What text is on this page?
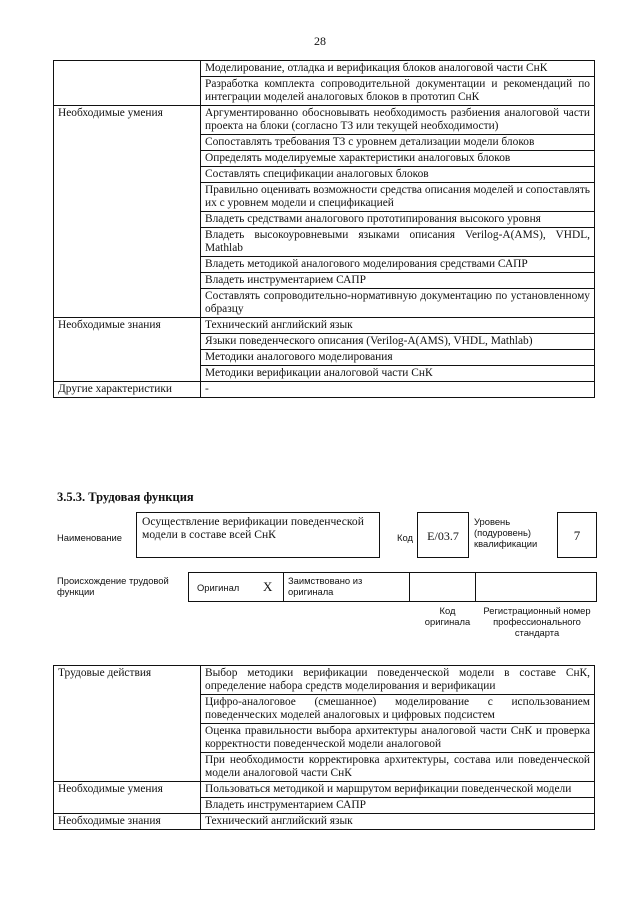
28
	Моделирование, отладка и верификация блоков аналоговой части СнК
	Разработка комплекта сопроводительной документации и рекомендаций по интеграции моделей аналоговых блоков в прототип СнК
Необходимые умения	Аргументированно обосновывать необходимость разбиения аналоговой части проекта на блоки (согласно ТЗ или текущей необходимости)
	Сопоставлять требования ТЗ с уровнем детализации модели блоков
	Определять моделируемые характеристики аналоговых блоков
	Составлять спецификации аналоговых блоков
	Правильно оценивать возможности средства описания моделей и сопоставлять их с уровнем модели и спецификацией
	Владеть средствами аналогового прототипирования высокого уровня
	Владеть высокоуровневыми языками описания Verilog-A(AMS), VHDL, Mathlab
	Владеть методикой аналогового моделирования средствами САПР
	Владеть инструментарием САПР
	Составлять сопроводительно-нормативную документацию по установленному образцу
Необходимые знания	Технический английский язык
	Языки поведенческого описания (Verilog-A(AMS), VHDL, Mathlab)
	Методики аналогового моделирования
	Методики верификации аналоговой части СнК
Другие характеристики	-
3.5.3. Трудовая функция
Наименование
Осуществление верификации поведенческой модели в составе всей СнК	Код	E/03.7
Уровень (подуровень) квалификации
7
Происхождение трудовой функции	Оригинал X Заимствовано из оригинала
Код оригинала
Регистрационный номер профессионального стандарта
Трудовые действия	Выбор методики верификации поведенческой модели в составе СнК, определение набора средств моделирования и верификации
	Цифро-аналоговое (смешанное) моделирование с использованием поведенческих моделей аналоговых и цифровых подсистем
	Оценка правильности выбора архитектуры аналоговой части СнК и проверка корректности поведенческой модели аналоговой
	При необходимости корректировка архитектуры, состава или поведенческой модели аналоговой части СнК
Необходимые умения	Пользоваться методикой и маршрутом верификации поведенческой модели
	Владеть инструментарием САПР
Необходимые знания	Технический английский язык
